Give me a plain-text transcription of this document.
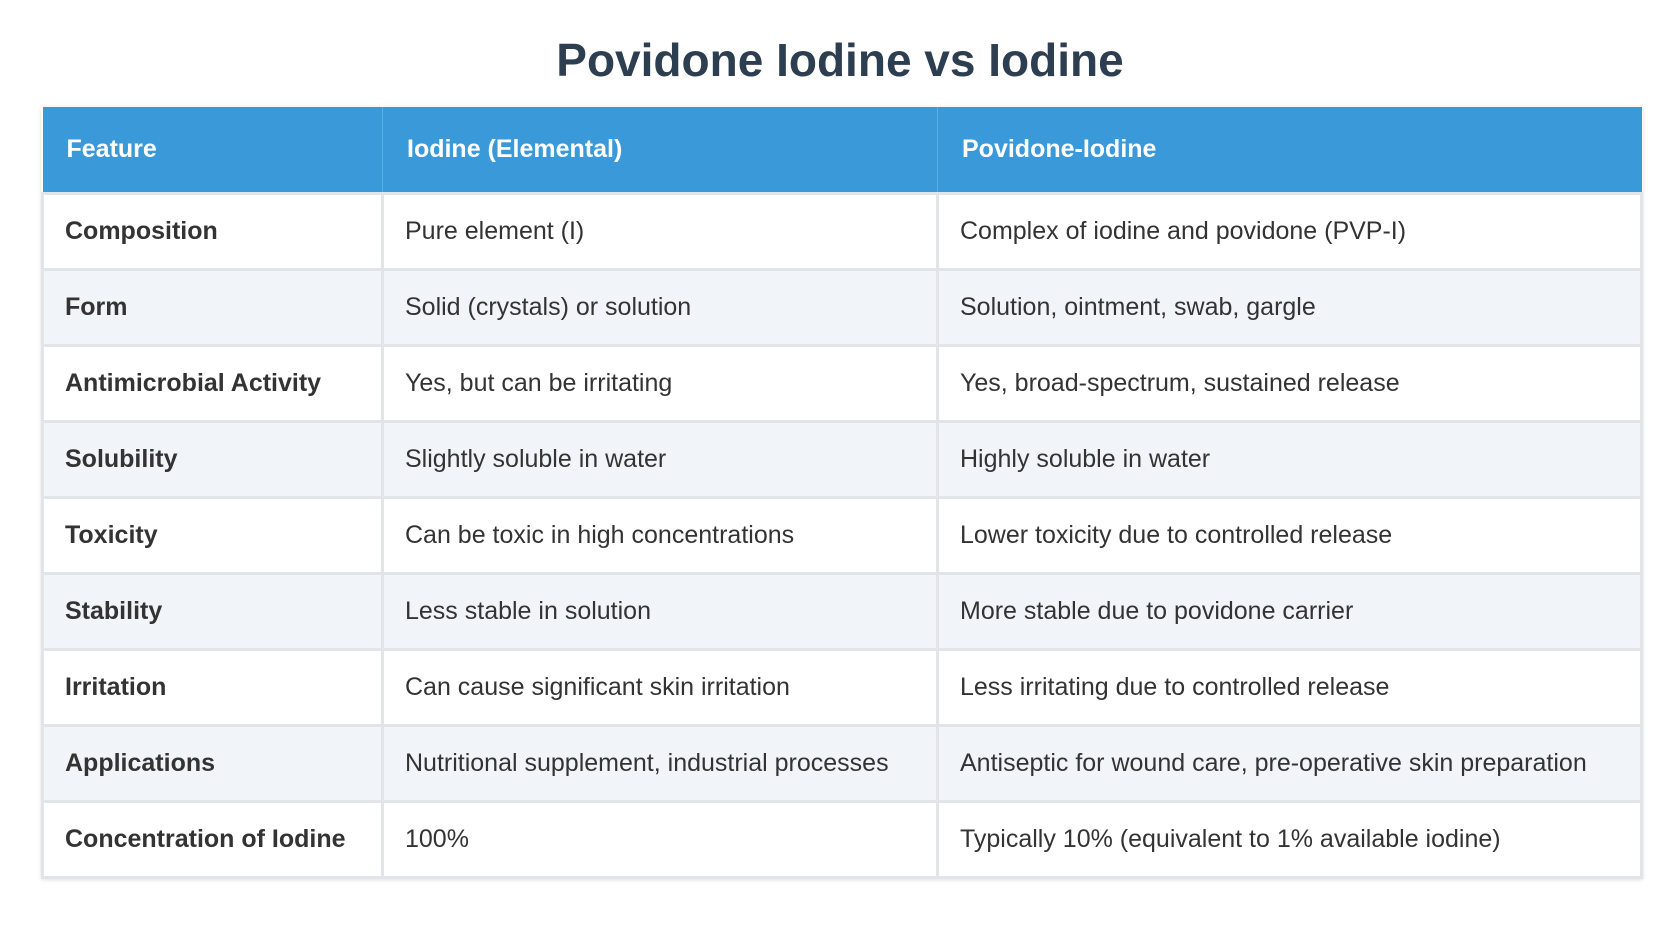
Povidone Iodine vs Iodine
Feature	Iodine (Elemental)	Povidone-Iodine
Composition	Pure element (I)	Complex of iodine and povidone (PVP-I)
Form	Solid (crystals) or solution	Solution, ointment, swab, gargle
Antimicrobial Activity	Yes, but can be irritating	Yes, broad-spectrum, sustained release
Solubility	Slightly soluble in water	Highly soluble in water
Toxicity	Can be toxic in high concentrations	Lower toxicity due to controlled release
Stability	Less stable in solution	More stable due to povidone carrier
Irritation	Can cause significant skin irritation	Less irritating due to controlled release
Applications	Nutritional supplement, industrial processes	Antiseptic for wound care, pre-operative skin preparation
Concentration of Iodine	100%	Typically 10% (equivalent to 1% available iodine)
